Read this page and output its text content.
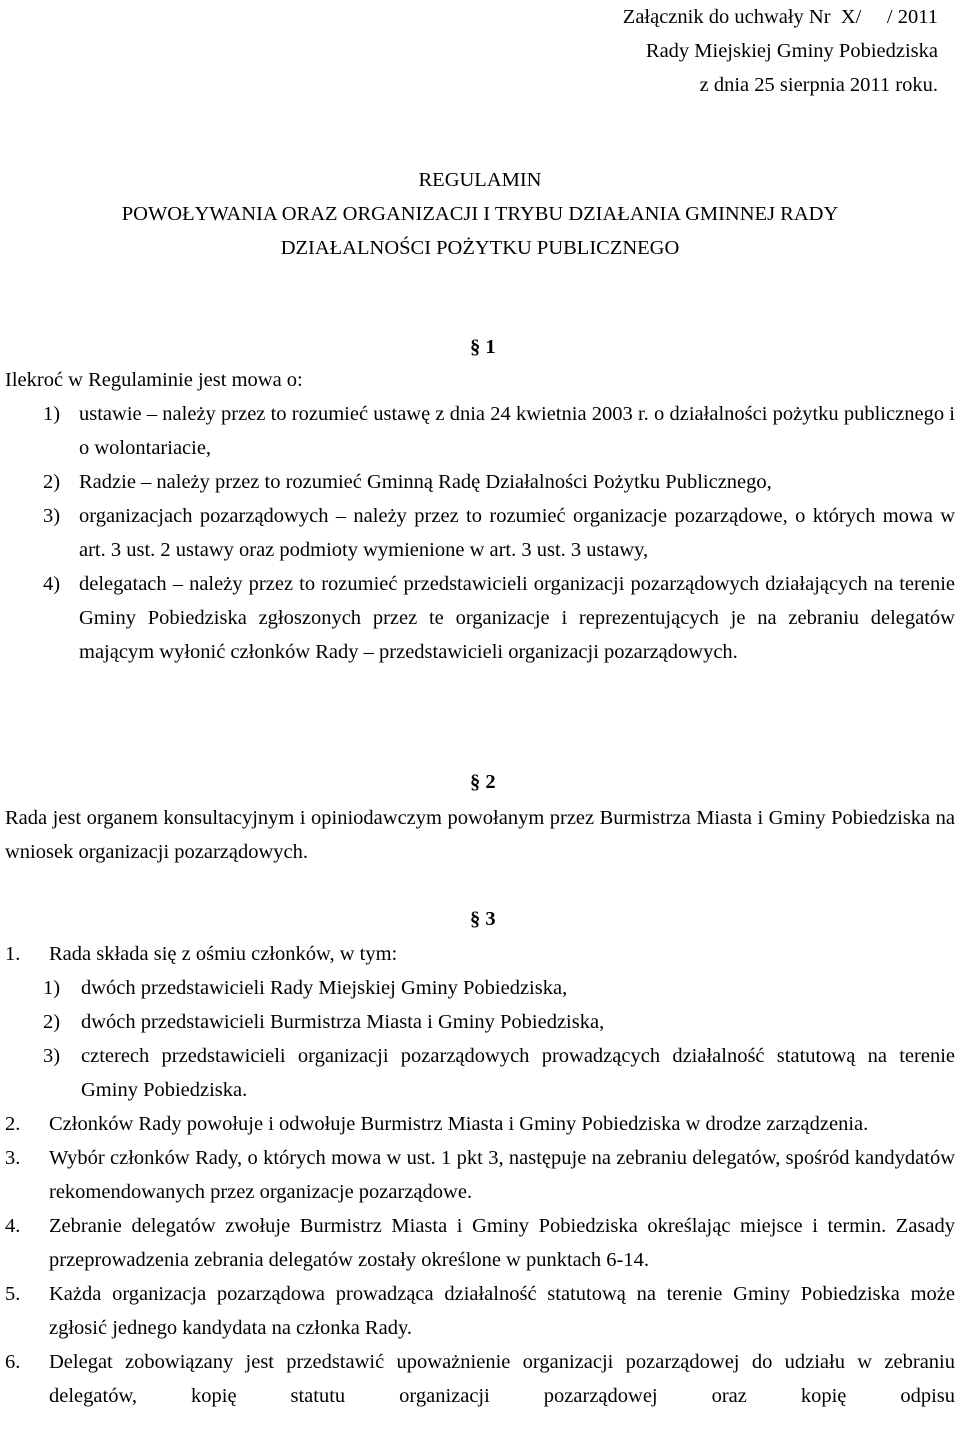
Załącznik do uchwały Nr  X/     / 2011
Rady Miejskiej Gminy Pobiedziska
z dnia 25 sierpnia 2011 roku.
REGULAMIN
POWOŁYWANIA ORAZ ORGANIZACJI I TRYBU DZIAŁANIA GMINNEJ RADY
DZIAŁALNOŚCI POŻYTKU PUBLICZNEGO
§ 1

Ilekroć w Regulaminie jest mowa o:

1) ustawie – należy przez to rozumieć ustawę z dnia 24 kwietnia 2003 r. o działalności pożytku publicznego i o wolontariacie,
2) Radzie – należy przez to rozumieć Gminną Radę Działalności Pożytku Publicznego,
3) organizacjach pozarządowych – należy przez to rozumieć organizacje pozarządowe, o których mowa w art. 3 ust. 2 ustawy oraz podmioty wymienione w art. 3 ust. 3 ustawy,
4) delegatach – należy przez to rozumieć przedstawicieli organizacji pozarządowych działających na terenie Gminy Pobiedziska zgłoszonych przez te organizacje i reprezentujących je na zebraniu delegatów mającym wyłonić członków Rady – przedstawicieli organizacji pozarządowych.
§ 2

Rada jest organem konsultacyjnym i opiniodawczym powołanym przez Burmistrza Miasta i Gminy Pobiedziska na wniosek organizacji pozarządowych.

§ 3
1. Rada składa się z ośmiu członków, w tym:
1) dwóch przedstawicieli Rady Miejskiej Gminy Pobiedziska,
2) dwóch przedstawicieli Burmistrza Miasta i Gminy Pobiedziska,
3) czterech przedstawicieli organizacji pozarządowych prowadzących działalność statutową na terenie Gminy Pobiedziska.
2. Członków Rady powołuje i odwołuje Burmistrz Miasta i Gminy Pobiedziska w drodze zarządzenia.
3. Wybór członków Rady, o których mowa w ust. 1 pkt 3, następuje na zebraniu delegatów, spośród kandydatów rekomendowanych przez organizacje pozarządowe.
4. Zebranie delegatów zwołuje Burmistrz Miasta i Gminy Pobiedziska określając miejsce i termin. Zasady przeprowadzenia zebrania delegatów zostały określone w punktach 6-14.
5. Każda organizacja pozarządowa prowadząca działalność statutową na terenie Gminy Pobiedziska może zgłosić jednego kandydata na członka Rady.
6. Delegat zobowiązany jest przedstawić upoważnienie organizacji pozarządowej do udziału w zebraniu delegatów, kopię statutu organizacji pozarządowej oraz kopię odpisu
